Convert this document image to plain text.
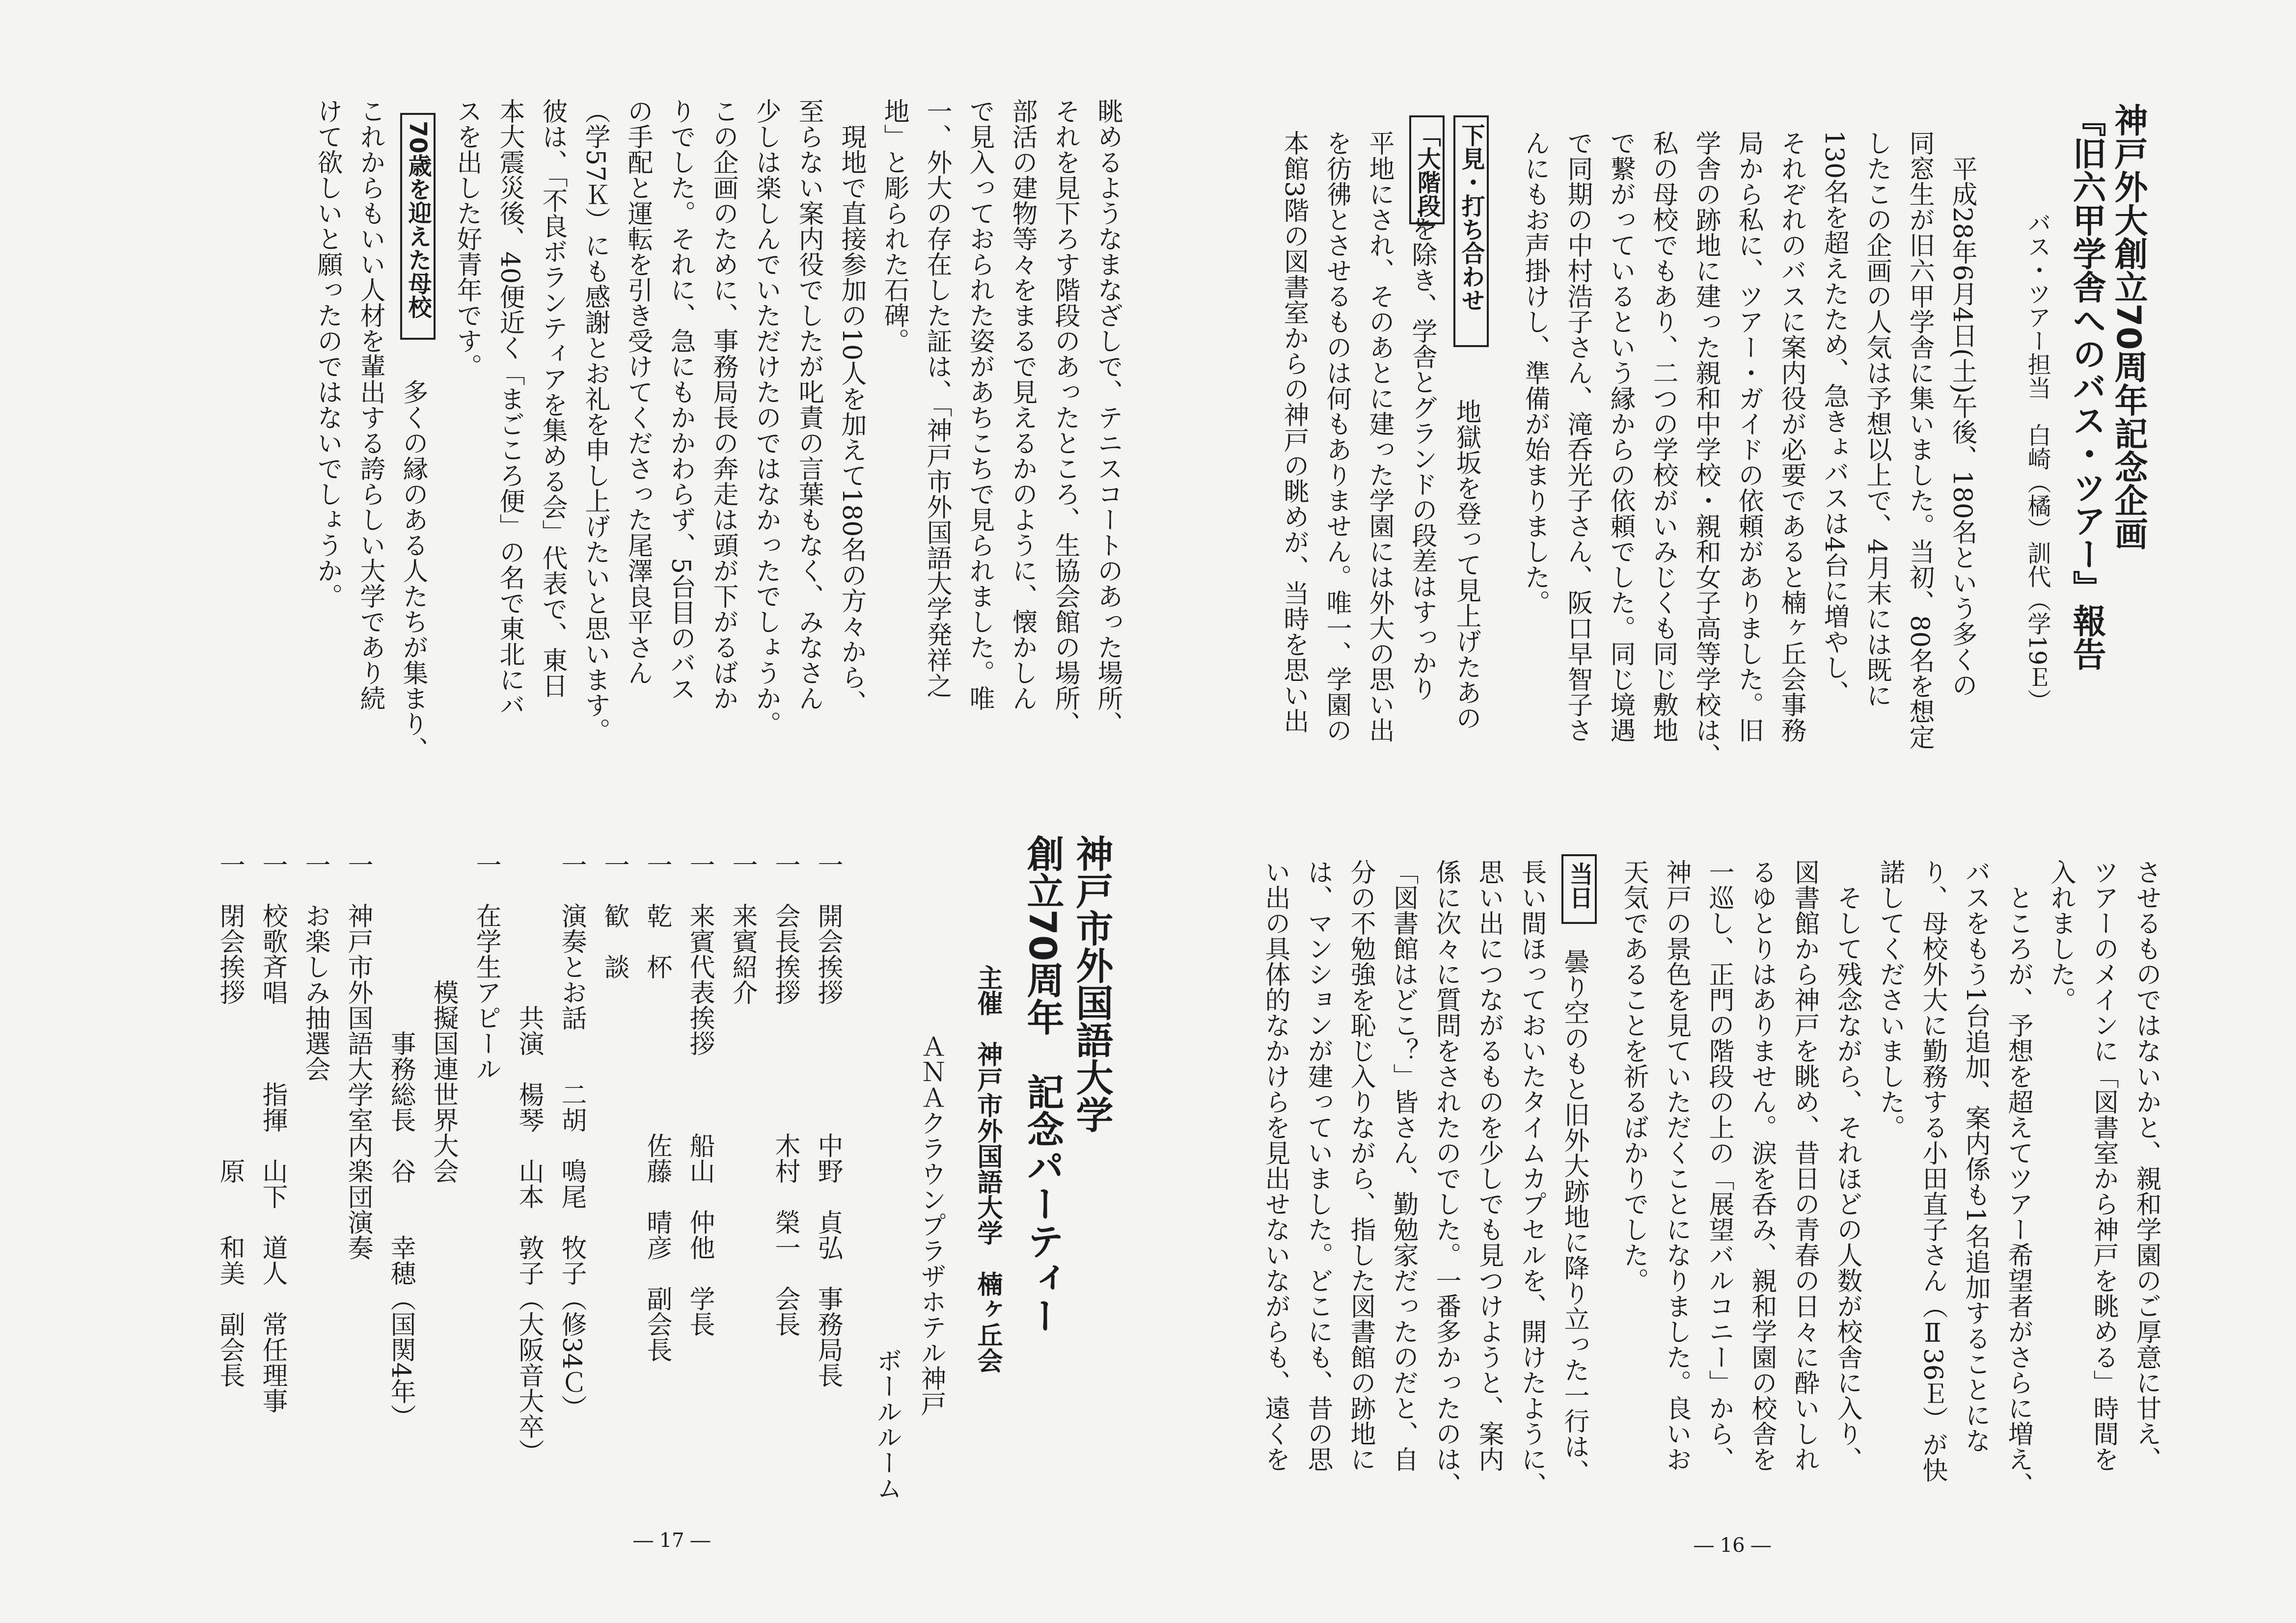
神戸外大創立70周年記念企画
『旧六甲学舎へのバス・ツアー』報告
バス・ツアー担当　白崎（橘）訓代（学19Ｅ）
　平成28年6月4日(土)午後、180名という多くの
同窓生が旧六甲学舎に集いました。当初、80名を想定
したこの企画の人気は予想以上で、4月末には既に
130名を超えたため、急きょバスは4台に増やし、
それぞれのバスに案内役が必要であると楠ヶ丘会事務
局から私に、ツアー・ガイドの依頼がありました。旧
学舎の跡地に建った親和中学校・親和女子高等学校は、
私の母校でもあり、二つの学校がいみじくも同じ敷地
で繋がっているという縁からの依頼でした。同じ境遇
で同期の中村浩子さん、滝呑光子さん、阪口早智子さ
んにもお声掛けし、準備が始まりました。
下見・打ち合わせ
　地獄坂を登って見上げたあの
「大階段」
を除き、学舎とグランドの段差はすっかり
平地にされ、そのあとに建った学園には外大の思い出
を彷彿とさせるものは何もありません。唯一、学園の
本館3階の図書室からの神戸の眺めが、当時を思い出
させるものではないかと、親和学園のご厚意に甘え、
ツアーのメインに「図書室から神戸を眺める」時間を
入れました。
　ところが、予想を超えてツアー希望者がさらに増え、
バスをもう1台追加、案内係も1名追加することにな
り、母校外大に勤務する小田直子さん（Ⅱ36Ｅ）が快
諾してくださいました。
　そして残念ながら、それほどの人数が校舎に入り、
図書館から神戸を眺め、昔日の青春の日々に酔いしれ
るゆとりはありません。涙を呑み、親和学園の校舎を
一巡し、正門の階段の上の「展望バルコニー」から、
神戸の景色を見ていただくことになりました。良いお
天気であることを祈るばかりでした。
当日
　曇り空のもと旧外大跡地に降り立った一行は、
長い間ほっておいたタイムカプセルを、開けたように、
思い出につながるものを少しでも見つけようと、案内
係に次々に質問をされたのでした。一番多かったのは、
「図書館はどこ？」皆さん、勤勉家だったのだと、自
分の不勉強を恥じ入りながら、指した図書館の跡地に
は、マンションが建っていました。どこにも、昔の思
い出の具体的なかけらを見出せないながらも、遠くを
― 16 ―
眺めるようなまなざしで、テニスコートのあった場所、
それを見下ろす階段のあったところ、生協会館の場所、
部活の建物等々をまるで見えるかのように、懐かしん
で見入っておられた姿があちこちで見られました。唯
一、外大の存在した証は、「神戸市外国語大学発祥之
地」と彫られた石碑。
　現地で直接参加の10人を加えて180名の方々から、
至らない案内役でしたが叱責の言葉もなく、みなさん
少しは楽しんでいただけたのではなかったでしょうか。
この企画のために、事務局長の奔走は頭が下がるばか
りでした。それに、急にもかかわらず、5台目のバス
の手配と運転を引き受けてくださった尾澤良平さん
（学57Ｋ）にも感謝とお礼を申し上げたいと思います。
彼は、「不良ボランティアを集める会」代表で、東日
本大震災後、40便近く「まごころ便」の名で東北にバ
スを出した好青年です。
70歳を迎えた母校
　多くの縁のある人たちが集まり、
これからもいい人材を輩出する誇らしい大学であり続
けて欲しいと願ったのではないでしょうか。
神戸市外国語大学
創立70周年　記念パーティー
主催　神戸市外国語大学　楠ヶ丘会
ＡＮＡクラウンプラザホテル神戸
ボールルーム
一　開会挨拶　　　　　中野　貞弘　事務局長
一　会長挨拶　　　　　木村　榮一　会長
一　来賓紹介
一　来賓代表挨拶　　　船山　仲他　学長
一　乾　杯　　　　　　佐藤　晴彦　副会長
一　歓　談
一　演奏とお話　　二胡　鳴尾　牧子（修34Ｃ）
　　　　　　共演　楊琴　山本　敦子（大阪音大卒）
一　在学生アピール
　　　　　模擬国連世界大会
　　　　　　　事務総長　谷　　幸穂（国関4年）
一　神戸市外国語大学室内楽団演奏
一　お楽しみ抽選会
一　校歌斉唱　　　指揮　山下　道人　常任理事
一　閉会挨拶　　　　　　原　　和美　副会長
― 17 ―
